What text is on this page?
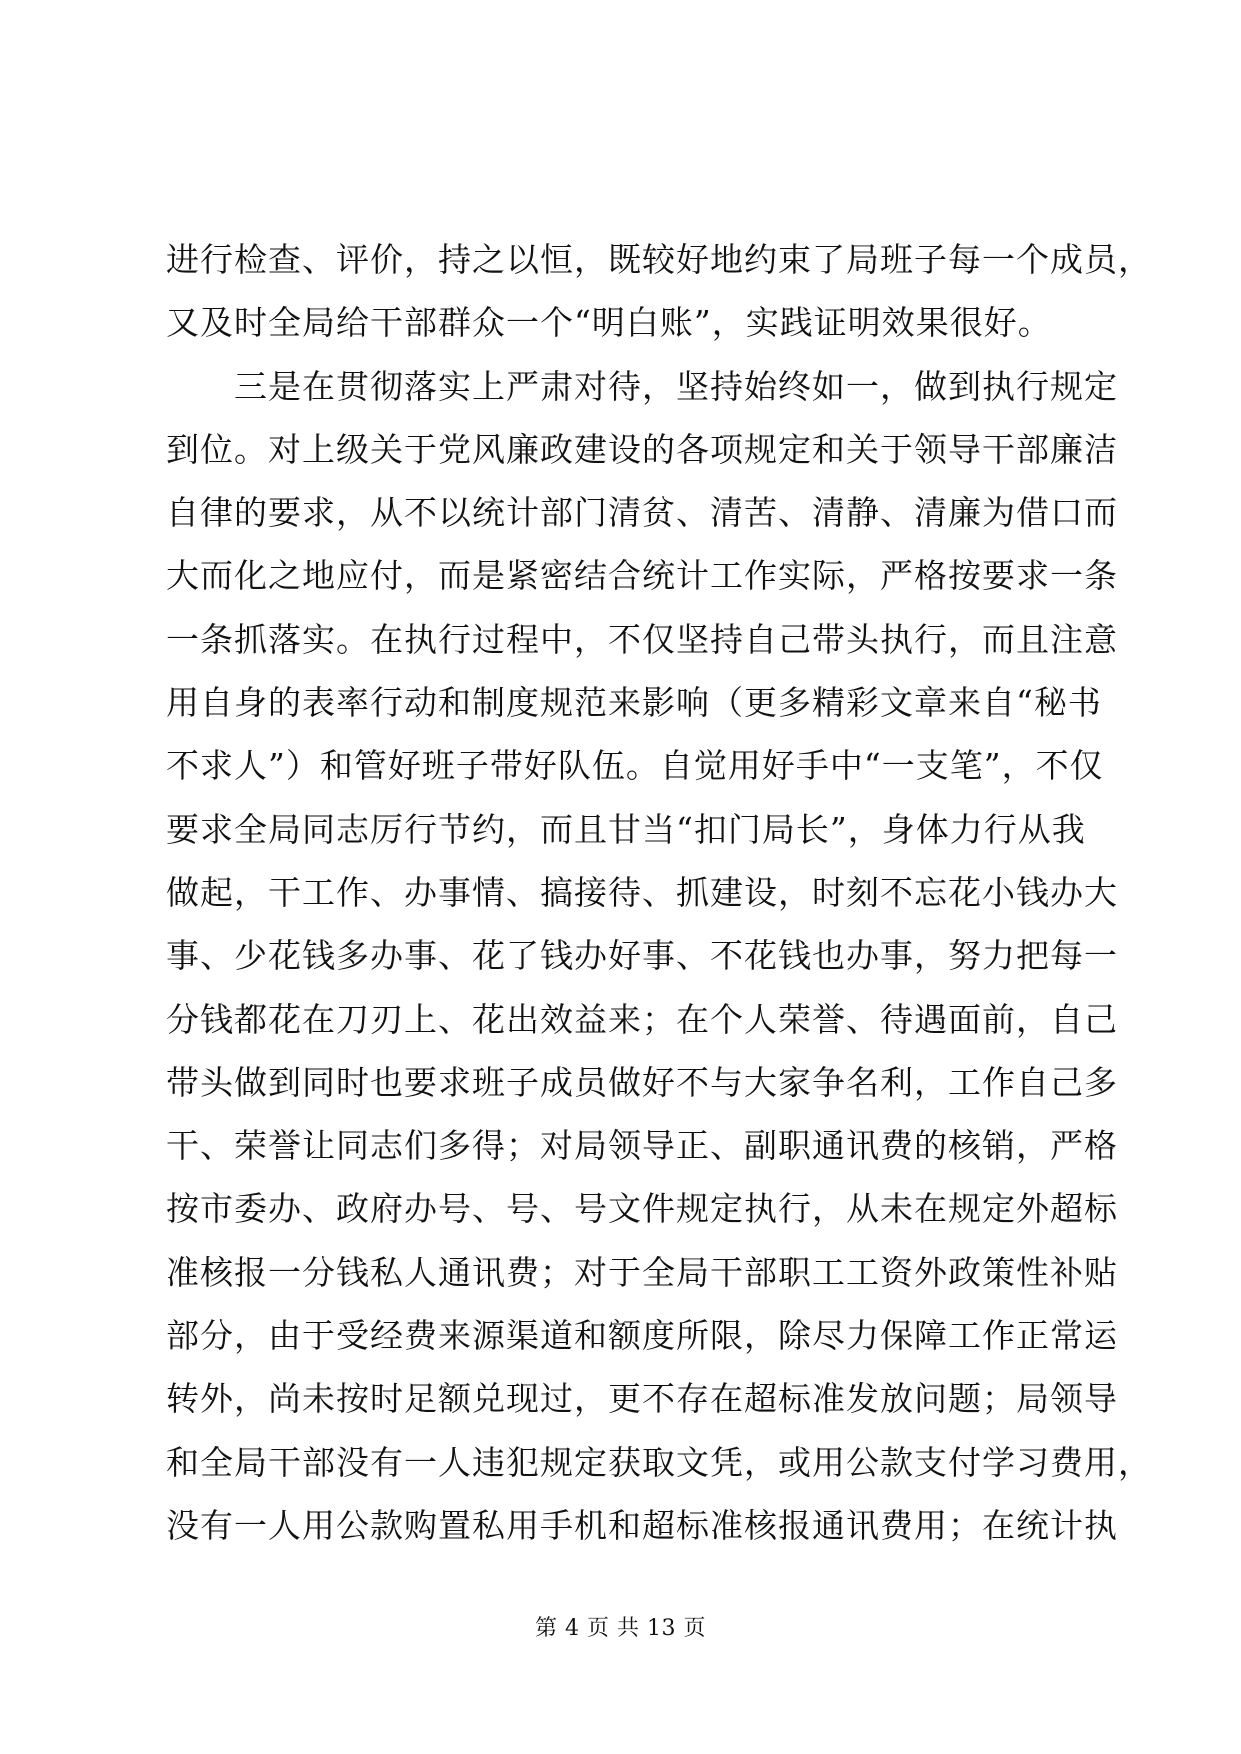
进行检查、评价，持之以恒，既较好地约束了局班子每一个成员，
又及时全局给干部群众一个“明白账”，实践证明效果很好。
　　三是在贯彻落实上严肃对待，坚持始终如一，做到执行规定
到位。对上级关于党风廉政建设的各项规定和关于领导干部廉洁
自律的要求，从不以统计部门清贫、清苦、清静、清廉为借口而
大而化之地应付，而是紧密结合统计工作实际，严格按要求一条
一条抓落实。在执行过程中，不仅坚持自己带头执行，而且注意
用自身的表率行动和制度规范来影响（更多精彩文章来自“秘书
不求人”）和管好班子带好队伍。自觉用好手中“一支笔”，不仅
要求全局同志厉行节约，而且甘当“扣门局长”，身体力行从我
做起，干工作、办事情、搞接待、抓建设，时刻不忘花小钱办大
事、少花钱多办事、花了钱办好事、不花钱也办事，努力把每一
分钱都花在刀刃上、花出效益来；在个人荣誉、待遇面前，自己
带头做到同时也要求班子成员做好不与大家争名利，工作自己多
干、荣誉让同志们多得；对局领导正、副职通讯费的核销，严格
按市委办、政府办号、号、号文件规定执行，从未在规定外超标
准核报一分钱私人通讯费；对于全局干部职工工资外政策性补贴
部分，由于受经费来源渠道和额度所限，除尽力保障工作正常运
转外，尚未按时足额兑现过，更不存在超标准发放问题；局领导
和全局干部没有一人违犯规定获取文凭，或用公款支付学习费用，
没有一人用公款购置私用手机和超标准核报通讯费用；在统计执
第 4 页 共 13 页
